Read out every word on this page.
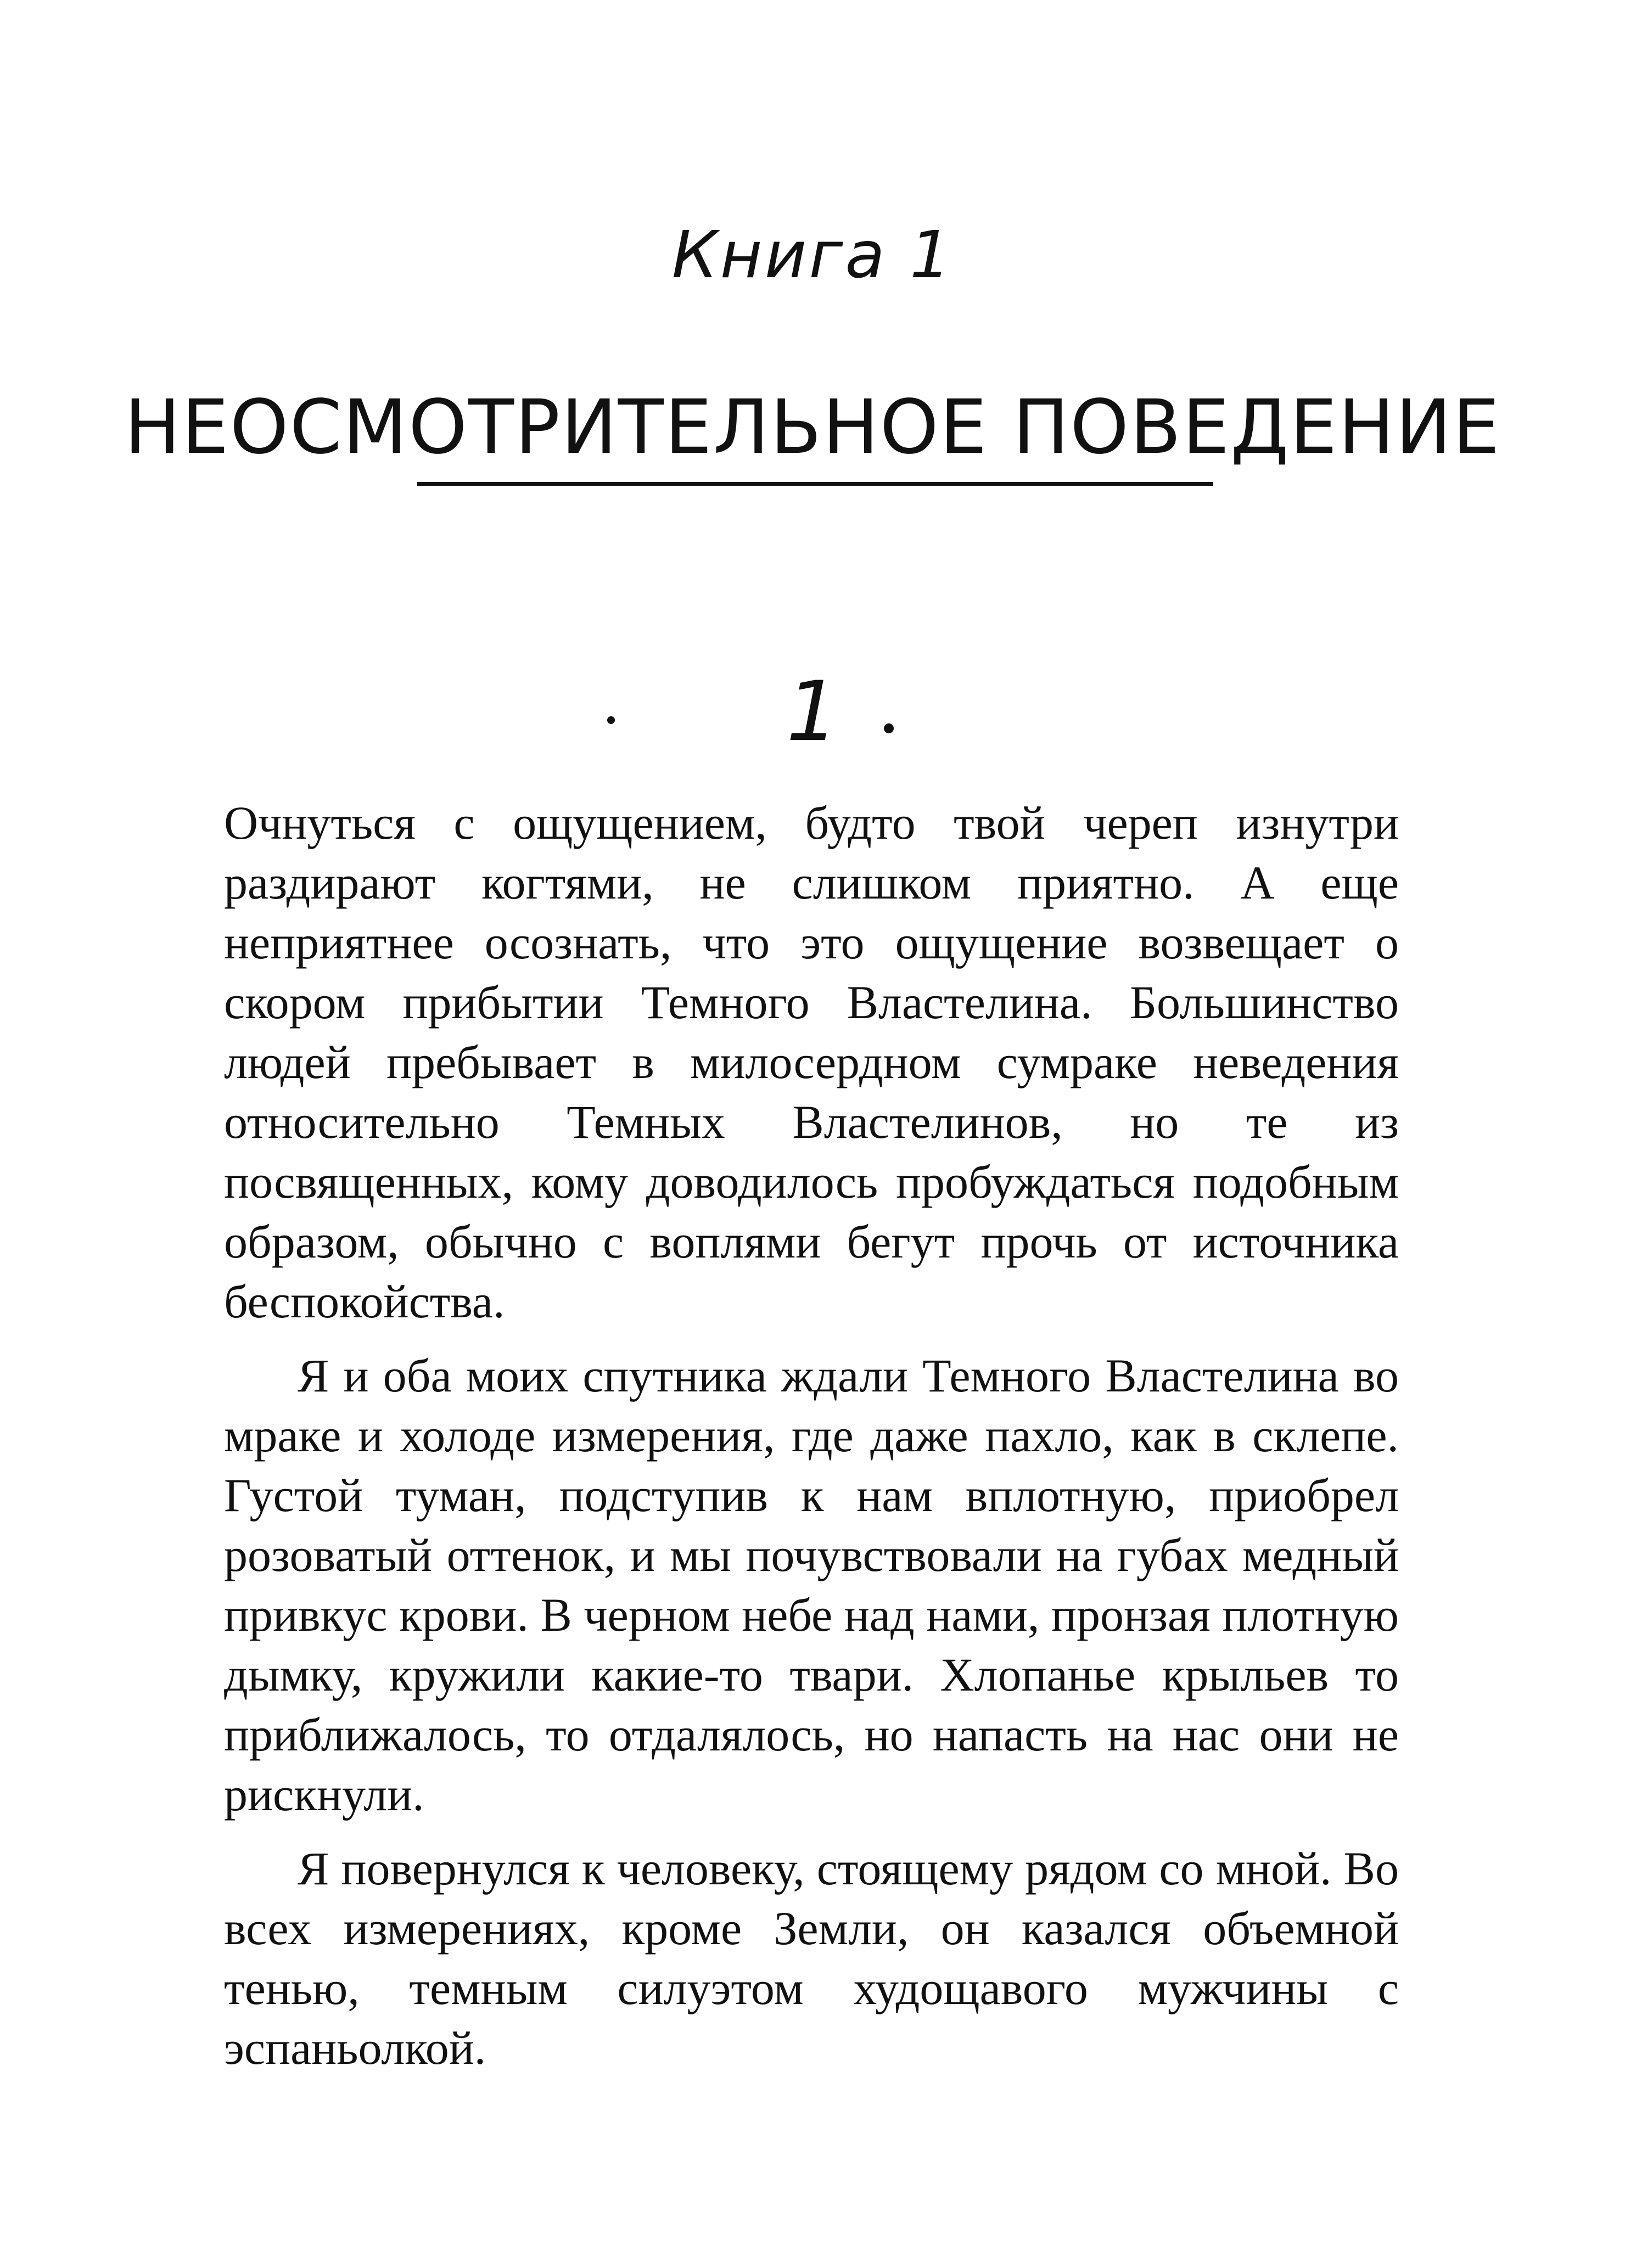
Книга 1
НЕОСМОТРИТЕЛЬНОЕ ПОВЕДЕНИЕ
1

Очнуться с ощущением, будто твой череп изнутри раздирают когтями, не слишком приятно. А еще неприятнее осознать, что это ощущение возвещает о скором прибытии Темного Властелина. Большинство людей пребывает в милосердном сумраке неведения относительно Темных Властелинов, но те из посвященных, кому доводилось пробуждаться подобным образом, обычно с воплями бегут прочь от источника беспокойства.

Я и оба моих спутника ждали Темного Властелина во мраке и холоде измерения, где даже пахло, как в склепе. Густой туман, подступив к нам вплотную, приобрел розоватый оттенок, и мы почувствовали на губах медный привкус крови. В черном небе над нами, пронзая плотную дымку, кружили какие-то твари. Хлопанье крыльев то приближалось, то отдалялось, но напасть на нас они не рискнули.

Я повернулся к человеку, стоящему рядом со мной. Во всех измерениях, кроме Земли, он казался объемной тенью, темным силуэтом худощавого мужчины с эспаньолкой.
